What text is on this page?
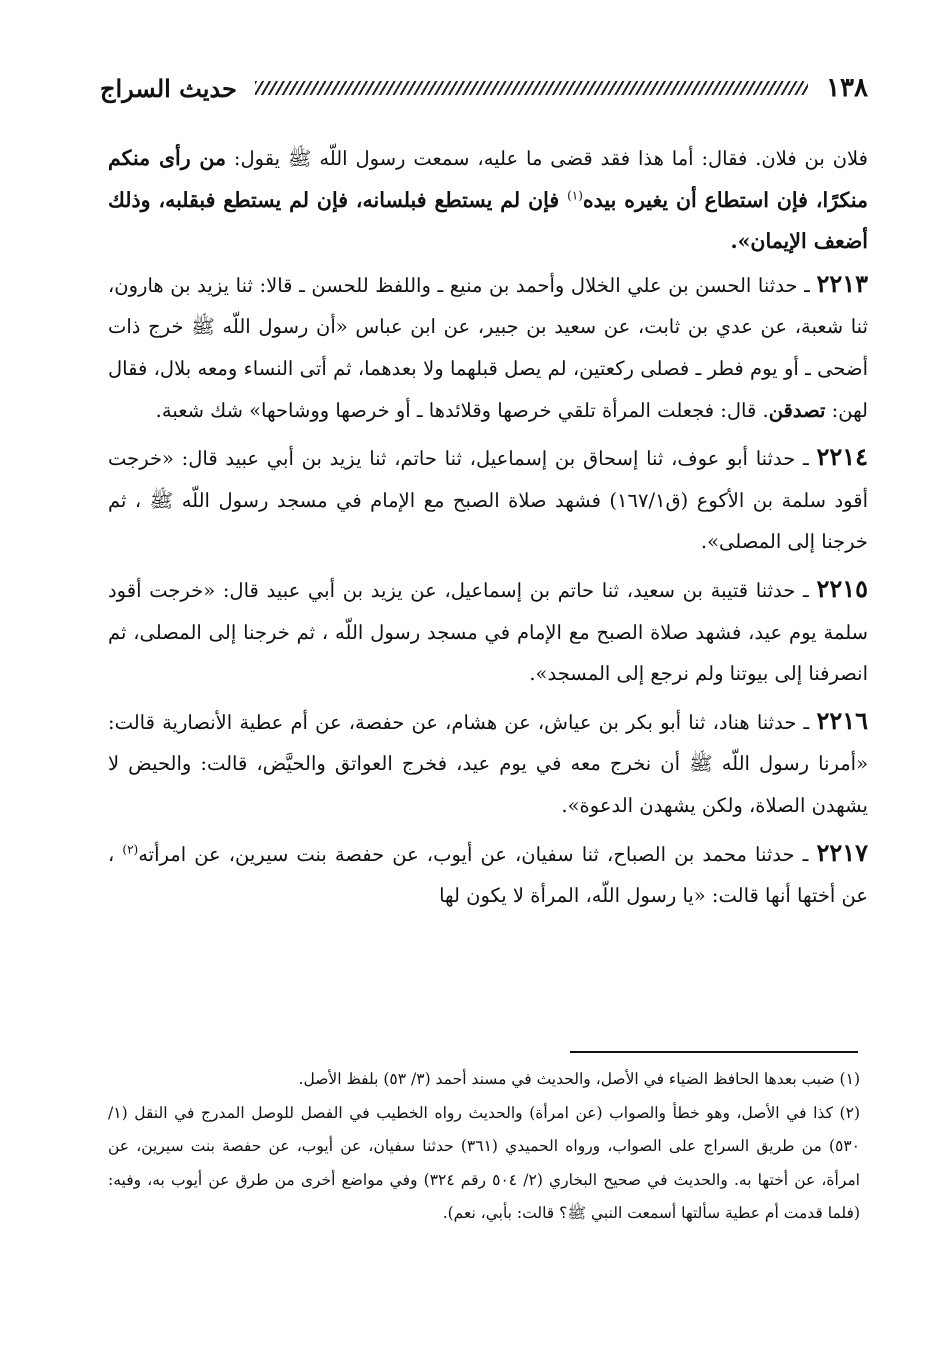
حديث السراج	١٣٨

فلان بن فلان. فقال: أما هذا فقد قضى ما عليه، سمعت رسول اللّه ﷺ يقول: من رأى منكم منكرًا، فإن استطاع أن يغيره بيده$^{(١)}$ فإن لم يستطع فبلسانه، فإن لم يستطع فبقلبه، وذلك أضعف الإيمان».

٢٢١٣ ـ حدثنا الحسن بن علي الخلال وأحمد بن منيع ـ واللفظ للحسن ـ قالا: ثنا يزيد بن هارون، ثنا شعبة، عن عدي بن ثابت، عن سعيد بن جبير، عن ابن عباس «أن رسول اللّه ﷺ خرج ذات أضحى ـ أو يوم فطر ـ فصلى ركعتين، لم يصل قبلهما ولا بعدهما، ثم أتى النساء ومعه بلال، فقال لهن: تصدقن. قال: فجعلت المرأة تلقي خرصها وقلائدها ـ أو خرصها ووشاحها» شك شعبة.

٢٢١٤ ـ حدثنا أبو عوف، ثنا إسحاق بن إسماعيل، ثنا حاتم، ثنا يزيد بن أبي عبيد قال: «خرجت أقود سلمة بن الأكوع (ق١٦٧/١) فشهد صلاة الصبح مع الإمام في مسجد رسول اللّه ﷺ ، ثم خرجنا إلى المصلى».

٢٢١٥ ـ حدثنا قتيبة بن سعيد، ثنا حاتم بن إسماعيل، عن يزيد بن أبي عبيد قال: «خرجت أقود سلمة يوم عيد، فشهد صلاة الصبح مع الإمام في مسجد رسول اللّه ، ثم خرجنا إلى المصلى، ثم انصرفنا إلى بيوتنا ولم نرجع إلى المسجد».

٢٢١٦ ـ حدثنا هناد، ثنا أبو بكر بن عياش، عن هشام، عن حفصة، عن أم عطية الأنصارية قالت: «أمرنا رسول اللّه ﷺ أن نخرج معه في يوم عيد، فخرج العواتق والحيَّض، قالت: والحيض لا يشهدن الصلاة، ولكن يشهدن الدعوة».

٢٢١٧ ـ حدثنا محمد بن الصباح، ثنا سفيان، عن أيوب، عن حفصة بنت سيرين، عن امرأته$^{(٢)}$ ، عن أختها أنها قالت: «يا رسول اللّه، المرأة لا يكون لها

(١) ضبب بعدها الحافظ الضياء في الأصل، والحديث في مسند أحمد (٣/ ٥٣) بلفظ الأصل.

(٢) كذا في الأصل، وهو خطأ والصواب (عن امرأة) والحديث رواه الخطيب في الفصل للوصل المدرج في النقل (١/ ٥٣٠) من طريق السراج على الصواب، ورواه الحميدي (٣٦١) حدثنا سفيان، عن أيوب، عن حفصة بنت سيرين، عن امرأة، عن أختها به. والحديث في صحيح البخاري (٢/ ٥٠٤ رقم ٣٢٤) وفي مواضع أخرى من طرق عن أيوب به، وفيه: (فلما قدمت أم عطية سألتها أسمعت النبي ﷺ؟ قالت: بأبي، نعم).
